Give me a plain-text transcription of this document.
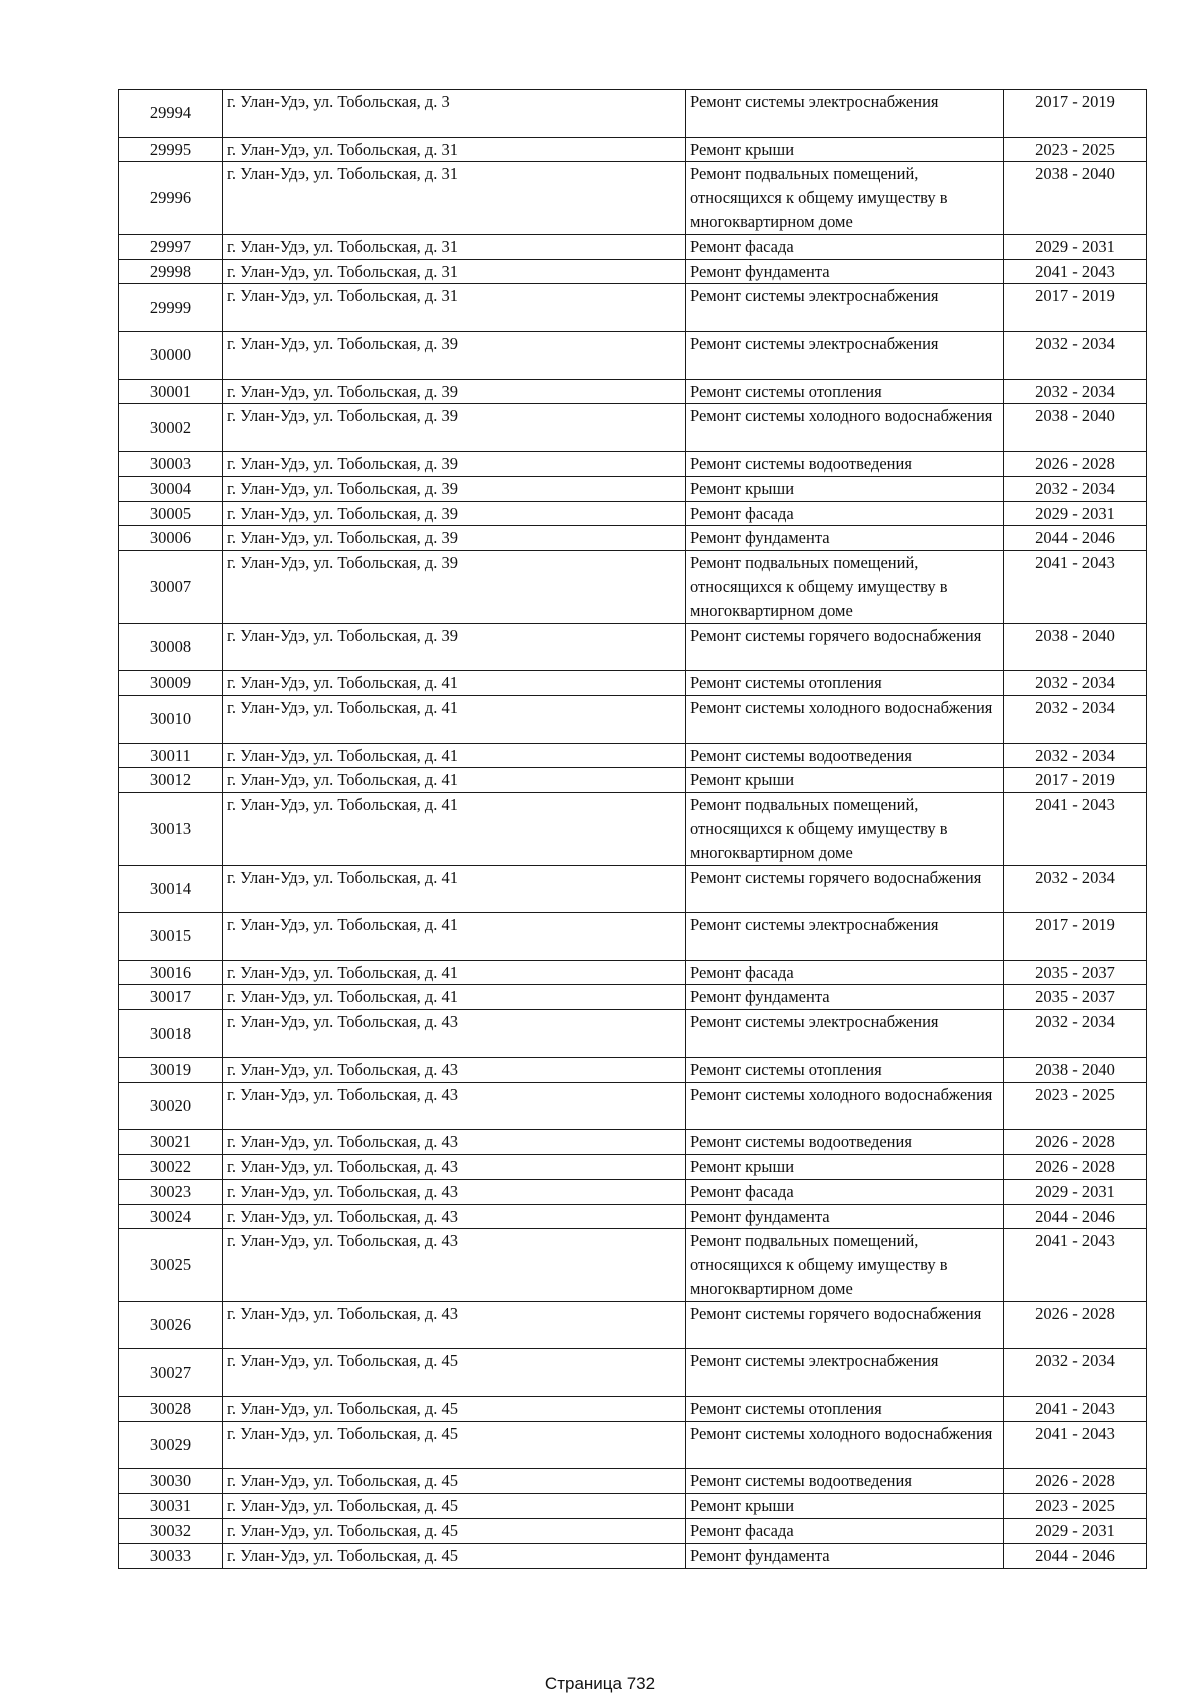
29994	г. Улан-Удэ, ул. Тобольская, д. 3	Ремонт системы электроснабжения	2017 - 2019
29995	г. Улан-Удэ, ул. Тобольская, д. 31	Ремонт крыши	2023 - 2025
29996	г. Улан-Удэ, ул. Тобольская, д. 31	Ремонт подвальных помещений, относящихся к общему имуществу в многоквартирном доме	2038 - 2040
29997	г. Улан-Удэ, ул. Тобольская, д. 31	Ремонт фасада	2029 - 2031
29998	г. Улан-Удэ, ул. Тобольская, д. 31	Ремонт фундамента	2041 - 2043
29999	г. Улан-Удэ, ул. Тобольская, д. 31	Ремонт системы электроснабжения	2017 - 2019
30000	г. Улан-Удэ, ул. Тобольская, д. 39	Ремонт системы электроснабжения	2032 - 2034
30001	г. Улан-Удэ, ул. Тобольская, д. 39	Ремонт системы отопления	2032 - 2034
30002	г. Улан-Удэ, ул. Тобольская, д. 39	Ремонт системы холодного водоснабжения	2038 - 2040
30003	г. Улан-Удэ, ул. Тобольская, д. 39	Ремонт системы водоотведения	2026 - 2028
30004	г. Улан-Удэ, ул. Тобольская, д. 39	Ремонт крыши	2032 - 2034
30005	г. Улан-Удэ, ул. Тобольская, д. 39	Ремонт фасада	2029 - 2031
30006	г. Улан-Удэ, ул. Тобольская, д. 39	Ремонт фундамента	2044 - 2046
30007	г. Улан-Удэ, ул. Тобольская, д. 39	Ремонт подвальных помещений, относящихся к общему имуществу в многоквартирном доме	2041 - 2043
30008	г. Улан-Удэ, ул. Тобольская, д. 39	Ремонт системы горячего водоснабжения	2038 - 2040
30009	г. Улан-Удэ, ул. Тобольская, д. 41	Ремонт системы отопления	2032 - 2034
30010	г. Улан-Удэ, ул. Тобольская, д. 41	Ремонт системы холодного водоснабжения	2032 - 2034
30011	г. Улан-Удэ, ул. Тобольская, д. 41	Ремонт системы водоотведения	2032 - 2034
30012	г. Улан-Удэ, ул. Тобольская, д. 41	Ремонт крыши	2017 - 2019
30013	г. Улан-Удэ, ул. Тобольская, д. 41	Ремонт подвальных помещений, относящихся к общему имуществу в многоквартирном доме	2041 - 2043
30014	г. Улан-Удэ, ул. Тобольская, д. 41	Ремонт системы горячего водоснабжения	2032 - 2034
30015	г. Улан-Удэ, ул. Тобольская, д. 41	Ремонт системы электроснабжения	2017 - 2019
30016	г. Улан-Удэ, ул. Тобольская, д. 41	Ремонт фасада	2035 - 2037
30017	г. Улан-Удэ, ул. Тобольская, д. 41	Ремонт фундамента	2035 - 2037
30018	г. Улан-Удэ, ул. Тобольская, д. 43	Ремонт системы электроснабжения	2032 - 2034
30019	г. Улан-Удэ, ул. Тобольская, д. 43	Ремонт системы отопления	2038 - 2040
30020	г. Улан-Удэ, ул. Тобольская, д. 43	Ремонт системы холодного водоснабжения	2023 - 2025
30021	г. Улан-Удэ, ул. Тобольская, д. 43	Ремонт системы водоотведения	2026 - 2028
30022	г. Улан-Удэ, ул. Тобольская, д. 43	Ремонт крыши	2026 - 2028
30023	г. Улан-Удэ, ул. Тобольская, д. 43	Ремонт фасада	2029 - 2031
30024	г. Улан-Удэ, ул. Тобольская, д. 43	Ремонт фундамента	2044 - 2046
30025	г. Улан-Удэ, ул. Тобольская, д. 43	Ремонт подвальных помещений, относящихся к общему имуществу в многоквартирном доме	2041 - 2043
30026	г. Улан-Удэ, ул. Тобольская, д. 43	Ремонт системы горячего водоснабжения	2026 - 2028
30027	г. Улан-Удэ, ул. Тобольская, д. 45	Ремонт системы электроснабжения	2032 - 2034
30028	г. Улан-Удэ, ул. Тобольская, д. 45	Ремонт системы отопления	2041 - 2043
30029	г. Улан-Удэ, ул. Тобольская, д. 45	Ремонт системы холодного водоснабжения	2041 - 2043
30030	г. Улан-Удэ, ул. Тобольская, д. 45	Ремонт системы водоотведения	2026 - 2028
30031	г. Улан-Удэ, ул. Тобольская, д. 45	Ремонт крыши	2023 - 2025
30032	г. Улан-Удэ, ул. Тобольская, д. 45	Ремонт фасада	2029 - 2031
30033	г. Улан-Удэ, ул. Тобольская, д. 45	Ремонт фундамента	2044 - 2046
Страница 732
